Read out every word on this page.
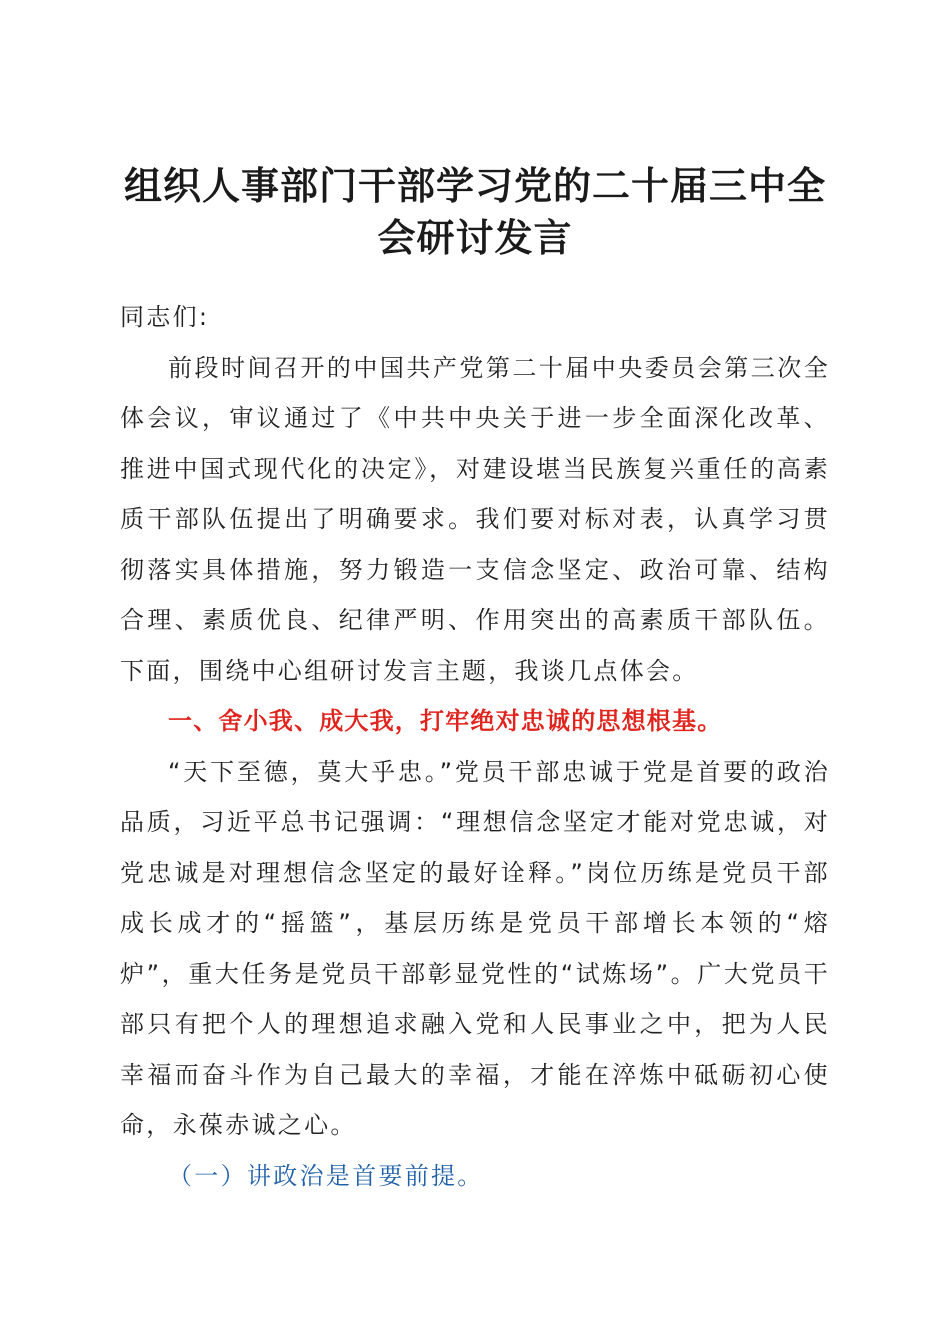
组织人事部门干部学习党的二十届三中全会研讨发言

同志们:

前段时间召开的中国共产党第二十届中央委员会第三次全体会议，审议通过了《中共中央关于进一步全面深化改革、推进中国式现代化的决定》，对建设堪当民族复兴重任的高素质干部队伍提出了明确要求。我们要对标对表，认真学习贯彻落实具体措施，努力锻造一支信念坚定、政治可靠、结构合理、素质优良、纪律严明、作用突出的高素质干部队伍。下面，围绕中心组研讨发言主题，我谈几点体会。

一、舍小我、成大我，打牢绝对忠诚的思想根基。

“天下至德，莫大乎忠。”党员干部忠诚于党是首要的政治品质，习近平总书记强调：“理想信念坚定才能对党忠诚，对党忠诚是对理想信念坚定的最好诠释。”岗位历练是党员干部成长成才的“摇篮”，基层历练是党员干部增长本领的“熔炉”，重大任务是党员干部彰显党性的“试炼场”。广大党员干部只有把个人的理想追求融入党和人民事业之中，把为人民幸福而奋斗作为自己最大的幸福，才能在淬炼中砥砺初心使命，永葆赤诚之心。

（一）讲政治是首要前提。
